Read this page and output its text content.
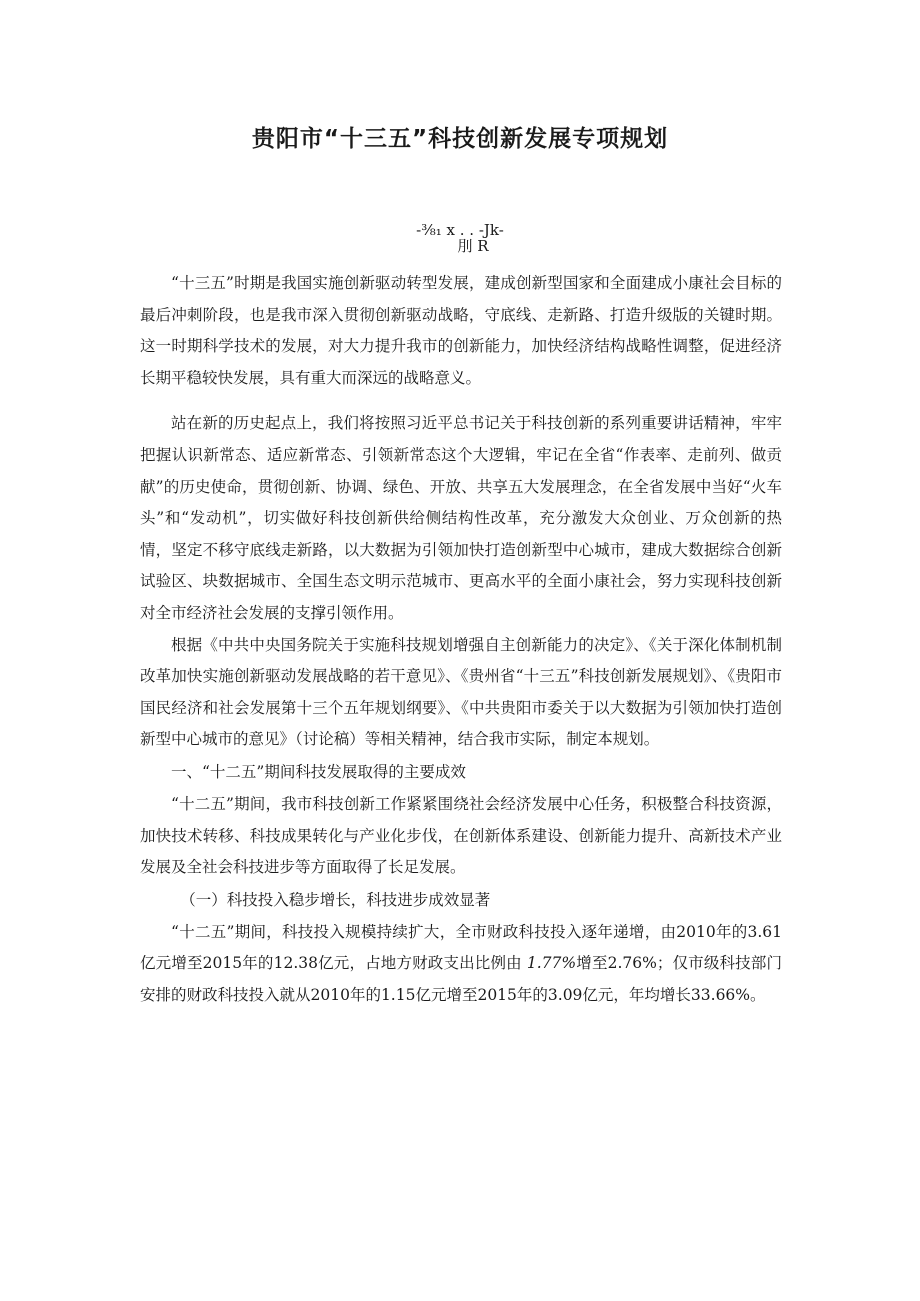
贵阳市“十三五”科技创新发展专项规划
-⅜₁ x . . -Jk-
刖 R

“十三五”时期是我国实施创新驱动转型发展，建成创新型国家和全面建成小康社会目标的最后冲刺阶段，也是我市深入贯彻创新驱动战略，守底线、走新路、打造升级版的关键时期。这一时期科学技术的发展，对大力提升我市的创新能力，加快经济结构战略性调整，促进经济长期平稳较快发展，具有重大而深远的战略意义。

站在新的历史起点上，我们将按照习近平总书记关于科技创新的系列重要讲话精神，牢牢把握认识新常态、适应新常态、引领新常态这个大逻辑，牢记在全省“作表率、走前列、做贡献”的历史使命，贯彻创新、协调、绿色、开放、共享五大发展理念，在全省发展中当好“火车头”和“发动机”，切实做好科技创新供给侧结构性改革，充分激发大众创业、万众创新的热情，坚定不移守底线走新路，以大数据为引领加快打造创新型中心城市，建成大数据综合创新试验区、块数据城市、全国生态文明示范城市、更高水平的全面小康社会，努力实现科技创新对全市经济社会发展的支撑引领作用。

根据《中共中央国务院关于实施科技规划增强自主创新能力的决定》、《关于深化体制机制改革加快实施创新驱动发展战略的若干意见》、《贵州省“十三五”科技创新发展规划》、《贵阳市国民经济和社会发展第十三个五年规划纲要》、《中共贵阳市委关于以大数据为引领加快打造创新型中心城市的意见》（讨论稿）等相关精神，结合我市实际，制定本规划。

一、“十二五”期间科技发展取得的主要成效

“十二五”期间，我市科技创新工作紧紧围绕社会经济发展中心任务，积极整合科技资源，加快技术转移、科技成果转化与产业化步伐，在创新体系建设、创新能力提升、高新技术产业发展及全社会科技进步等方面取得了长足发展。

（一）科技投入稳步增长，科技进步成效显著

“十二五”期间，科技投入规模持续扩大，全市财政科技投入逐年递增，由2010年的3.61亿元增至2015年的12.38亿元，占地方财政支出比例由 1.77%增至2.76%；仅市级科技部门安排的财政科技投入就从2010年的1.15亿元增至2015年的3.09亿元，年均增长33.66%。
